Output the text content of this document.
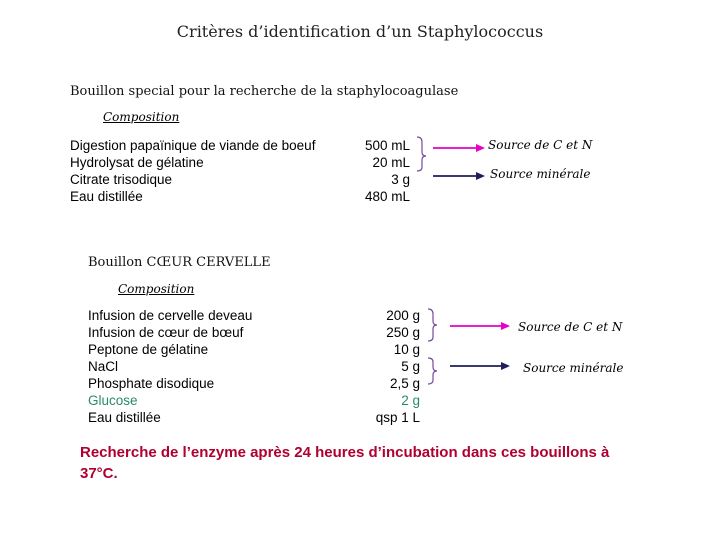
Critères d’identification d’un Staphylococcus
Bouillon special pour la recherche de la staphylocoagulase
Composition
Digestion papaïnique de viande de boeuf
Hydrolysat de gélatine
Citrate trisodique
Eau distillée
500 mL
20 mL
3 g
480 mL
Source de C et N
Source minérale
Bouillon CŒUR CERVELLE
Composition
Infusion de cervelle deveau
Infusion de cœur de bœuf
Peptone de gélatine
NaCl
Phosphate disodique
Glucose
Eau distillée
200 g
250 g
10 g
5 g
2,5 g
2 g
qsp 1 L
Source de C et N
Source minérale
Recherche de l’enzyme après 24 heures d’incubation dans ces bouillons à 37°C.
